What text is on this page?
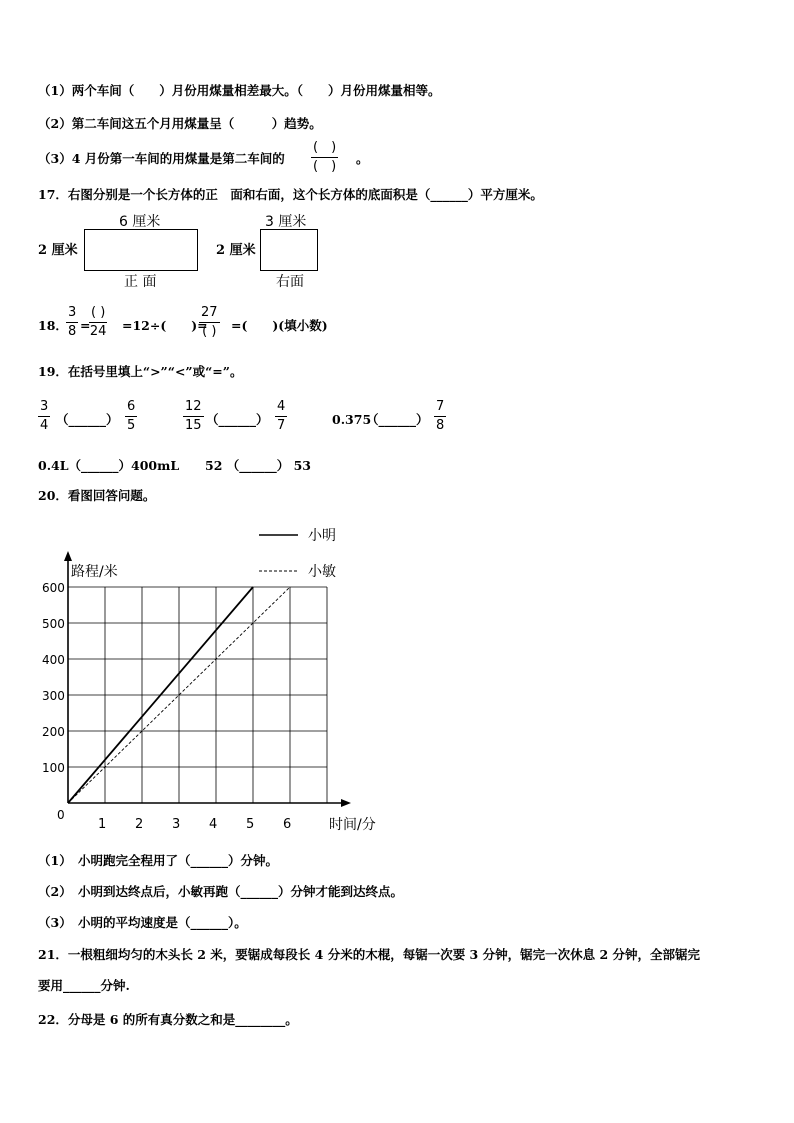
（1）两个车间（　　）月份用煤量相差最大。（　　）月份用煤量相等。
（2）第二车间这五个月用煤量呈（　　　）趋势。
（3）4 月份第一车间的用煤量是第二车间的
(　)
(　)
。
17．右图分别是一个长方体的正　面和右面，这个长方体的底面积是（______）平方厘米。
6 厘米
2 厘米
正 面
3 厘米
2 厘米
右面
18．
$\frac{3}{8}$ =
( )
24 =12÷(　　)=
27
( ) =(　　)(填小数)
19．在括号里填上“>”“<”或“=”。
$\frac{3}{4}$ （______） $\frac{6}{5}$	$\frac{12}{15}$ （______） $\frac{4}{7}$	0.375
（______） $\frac{7}{8}$
0.4L（______）400mL 52 （______） 53
20．看图回答问题。
1 2 3 4 5 6
100
200
300
400
500
600
0
路程/米
时间/分
小明
小敏
（1）　小明跑完全程用了（______）分钟。
（2）　小明到达终点后，小敏再跑（______）分钟才能到达终点。
（3）　小明的平均速度是（______）。
21．一根粗细均匀的木头长 2 米，要锯成每段长 4 分米的木棍，每锯一次要 3 分钟，锯完一次休息 2 分钟，全部锯完
要用______分钟.
22．分母是 6 的所有真分数之和是________。
